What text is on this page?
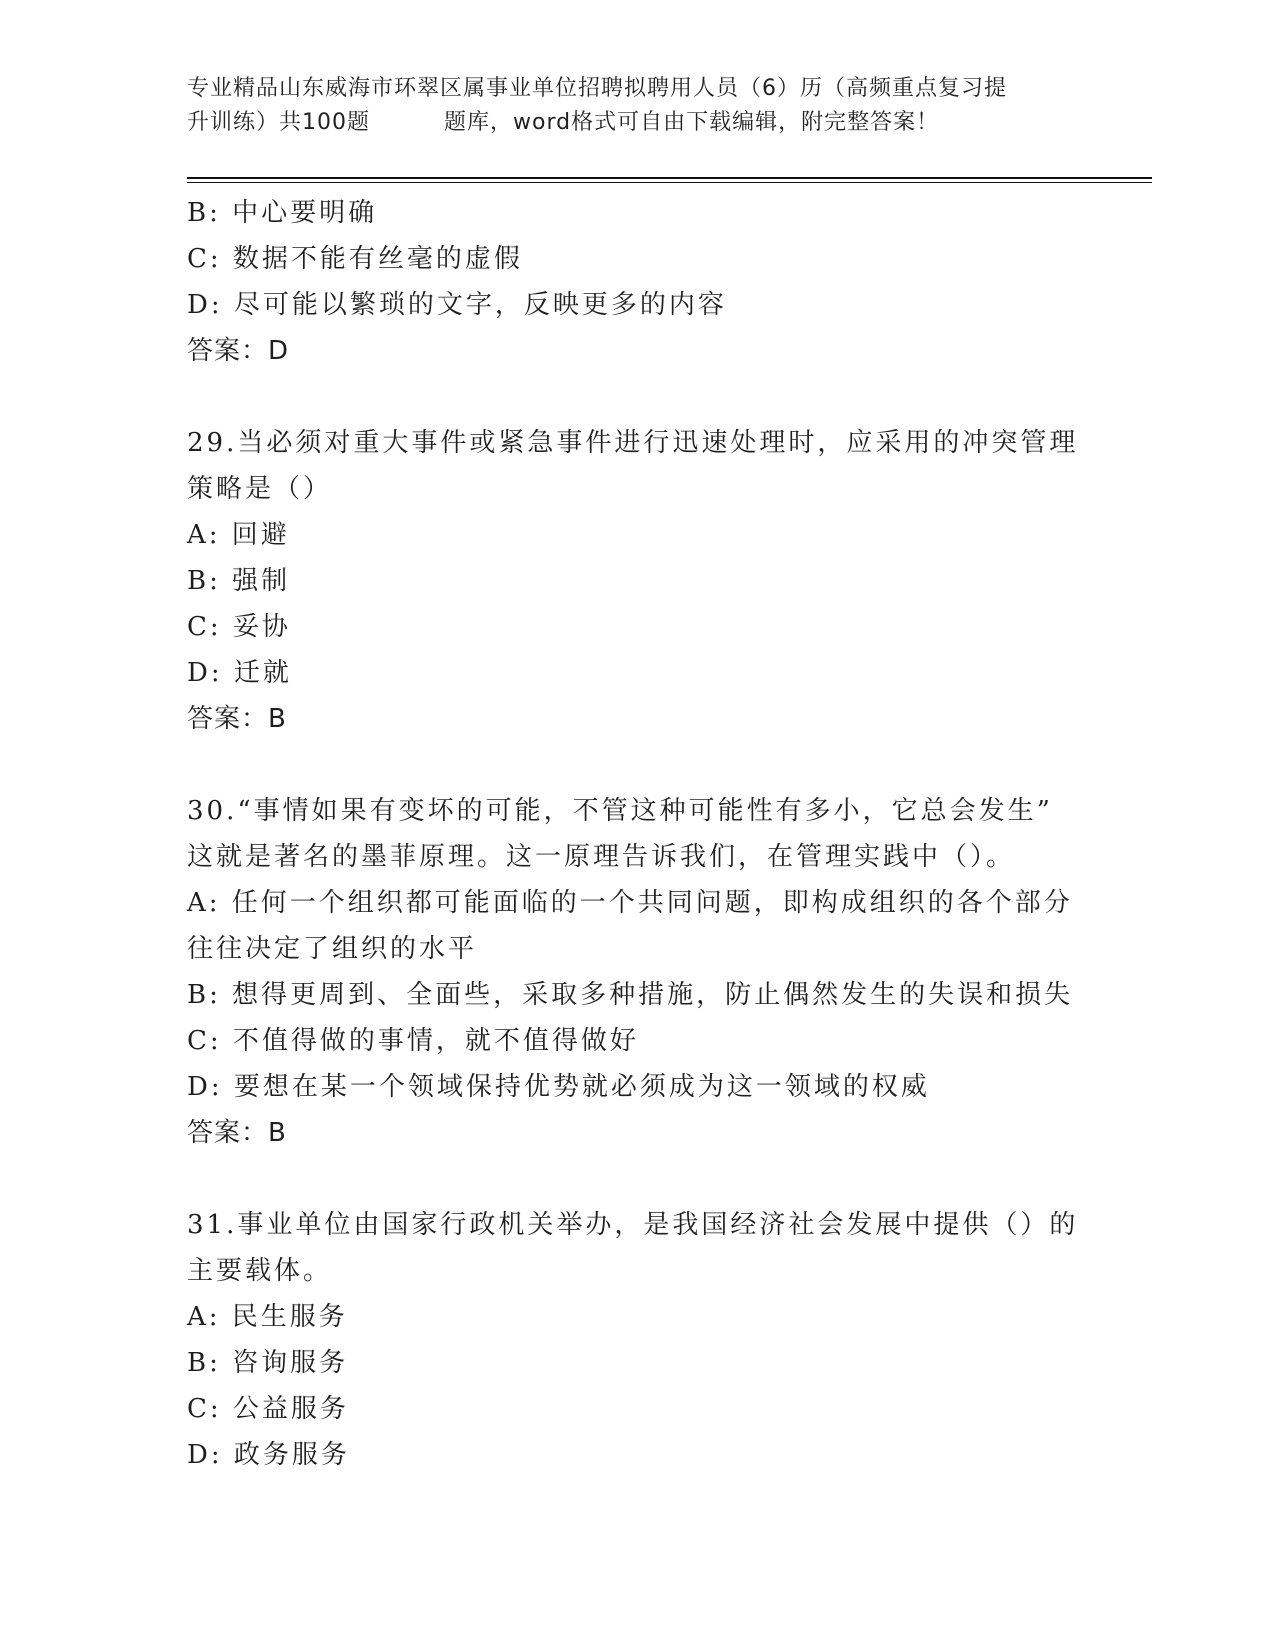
专业精品山东威海市环翠区属事业单位招聘拟聘用人员（6）历（高频重点复习提
升训练）共100题	题库，word格式可自由下载编辑，附完整答案！
B: 中心要明确
C: 数据不能有丝毫的虚假
D: 尽可能以繁琐的文字，反映更多的内容
答案：D
29.当必须对重大事件或紧急事件进行迅速处理时，应采用的冲突管理
策略是（）
A: 回避
B: 强制
C: 妥协
D: 迁就
答案：B
30.“事情如果有变坏的可能，不管这种可能性有多小，它总会发生”
这就是著名的墨菲原理。这一原理告诉我们，在管理实践中（）。
A: 任何一个组织都可能面临的一个共同问题，即构成组织的各个部分
往往决定了组织的水平
B: 想得更周到、全面些，采取多种措施，防止偶然发生的失误和损失
C: 不值得做的事情，就不值得做好
D: 要想在某一个领域保持优势就必须成为这一领域的权威
答案：B
31.事业单位由国家行政机关举办，是我国经济社会发展中提供（）的
主要载体。
A: 民生服务
B: 咨询服务
C: 公益服务
D: 政务服务
